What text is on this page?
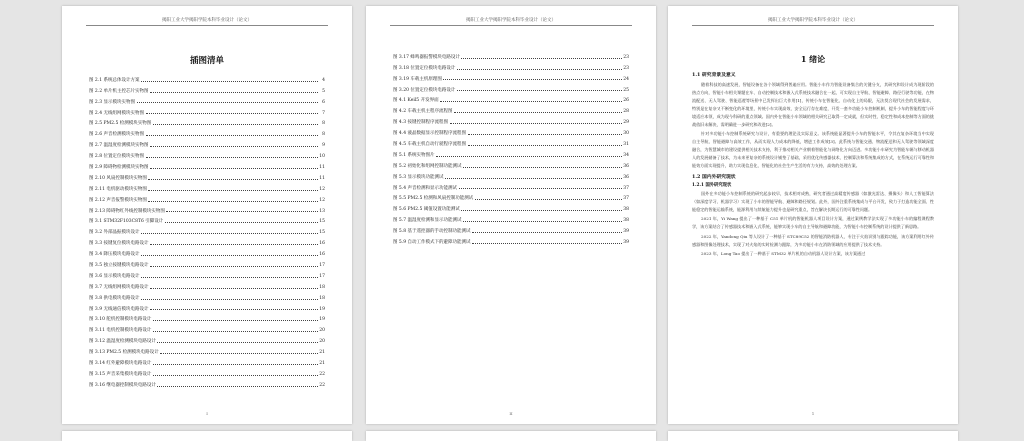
揭阳工业大学揭阳学院本科毕业设计（论文）
插图清单
图 2.1 系统总体设计方案	4
图 2.2 单片机主控芯片实物图	5
图 2.3 显示模块实物图	6
图 2.4 无线组网模块实物图	7
图 2.5 PM2.5 检测模块实物图	8
图 2.6 声音检测模块实物图	8
图 2.7 温湿度检测模块实物图	9
图 2.8 位置定位模块实物图	10
图 2.9 障碍物检测模块实物图	11
图 2.10 风扇控制模块实物图	11
图 2.11 电机驱动模块实物图	12
图 2.12 声音报警模块实物图	12
图 2.13 障碍物红外线控制模块实物图	13
图 3.1 STM32F103C8T6 引脚设计	15
图 3.2 外部晶振模块设计	15
图 3.3 按键复位模块电路设计	16
图 3.4 降压模块电路设计	16
图 3.5 独立按键模块电路设计	17
图 3.6 显示模块电路设计	17
图 3.7 无线组网模块电路设计	18
图 3.8 供电模块电路设计	18
图 3.9 无线通信模块电路设计	19
图 3.10 舵机控制模块电路设计	19
图 3.11 电机控制模块电路设计	20
图 3.12 温湿度检测模块电路设计	20
图 3.13 PM2.5 检测模块电路设计	21
图 3.14 红外避障模块电路设计	21
图 3.15 声音采集模块电路设计	22
图 3.16 继电器控制模块电路设计	22
I
揭阳工业大学揭阳学院本科毕业设计（论文）
图 3.17 蜂鸣器报警模块电路设计	23
图 3.18 位置定位模块电路设计	23
图 3.19 车载主机原理图	24
图 3.20 位置定位模块电路设计	25
图 4.1 Keil5 开发界面	26
图 4.2 车载主机主程序流程图	28
图 4.3 按键控制程序流程图	29
图 4.4 液晶数据显示控制程序流程图	30
图 4.5 车载主机自动行驶程序流程图	31
图 5.1 系统实物图片	34
图 5.2 初始化和组网控制功能测试	36
图 5.3 显示模块功能测试	36
图 5.4 声音检测和显示功能测试	37
图 5.5 PM2.5 检测和风扇控制功能测试	37
图 5.6 PM2.5 阈值设置功能测试	38
图 5.7 温湿度检测和显示功能测试	38
图 5.8 基于遥控器的手动控制功能测试	39
图 5.9 自动工作模式下的避障功能测试	39
II
揭阳工业大学揭阳学院本科毕业设计（论文）
1 绪论
1.1 研究背景及意义

随着科技的高速发展，智能设备在各个领域得到普遍应用。智能小车作为智能设备集合的关键分支，其研究和设计成为现阶段的热点方向，智能小车相关课题在车、自动控制技术和嵌入式系统技术融合在一起，可实现自主导航、智能避障、路径行驶等功能，在物流配送、无人驾驶、智能巡逻等场景中已发挥出巨大作用[1]，传统小车在智能化、自动化上的局限，无法契合现代社会的发展需求，特别是在复杂又不断变化的环境里，传统小车实现高效、安全运行存在难度，开发一套多功能小车控制机制，提升小车的智能程度与环境适应本领，成为现今科研的重点领域。国内外在智能小车领域的相关研究已取得一定成就，但实时性、稳定性和成本控制等方面的挑战依旧未解决，需明确进一步研究和改进[2]。

针对多功能小车控制系统研究与设计，有重要的理论及实际意义。该系统能显著提升小车的智能水平，令其在复杂环境当中实现自主导航、智能避障与高效工作，从而实现人力成本的降低，增进工作成效[3]。此系统与智能交通、物流配送和无人驾驶等领域深度融合，为智慧城市的建设提供相关技术支持，利于推动相关产业朝着智能化与网络化方向迈进。多功能小车研究为智能车辆与移动机器人的发展储备了技术，为未来更复杂的系统设计铺垫了基础，采用优化传感器技术、控制算法和系统集成的方式，在系统运行可靠性和能效方面实现提升，助力实现信息化、智能化的社会生产生活的有力支持，高效的处理方案。

1.2 国内外研究现状
1.2.1 国外研究现状

国外在多功能小车控制系统的研究起步较早，技术相对成熟，研究者通过高精度传感器（如激光雷达、摄像头）和人工智能算法（如深度学习、机器学习）实现了小车的智能导航、避障和路径规划。此外，国外注重系统集成与平台开发，致力于打造功能全面、性能稳定的智能运输系统，能源利用与续航能力提升也是研究重点，旨在解决长期运行的可靠性问题。

2021 年，Yi Wang 提出了一种基于 C51 单片机的智能机器人项目设计方案，通过案例教学法实现了多功能小车的编程课程教学，该方案结合了传感器技术和嵌入式系统，能够实现小车的自主导航和避障功能，为智能小车控制系统的设计提供了新思路。

2022 年，Yandong Qiu 等人设计了一种基于 STC89C52 的智能消防机器人，专注于火焰识别与跟踪功能，该方案利用红外传感器和图像处理技术，实现了对火焰的实时检测与跟踪，为多功能小车在消防领域的应用提供了技术支持。

2023 年，Long Tao 提出了一种基于 STM32 单片机的自动机器人设计方案，该方案通过

1
